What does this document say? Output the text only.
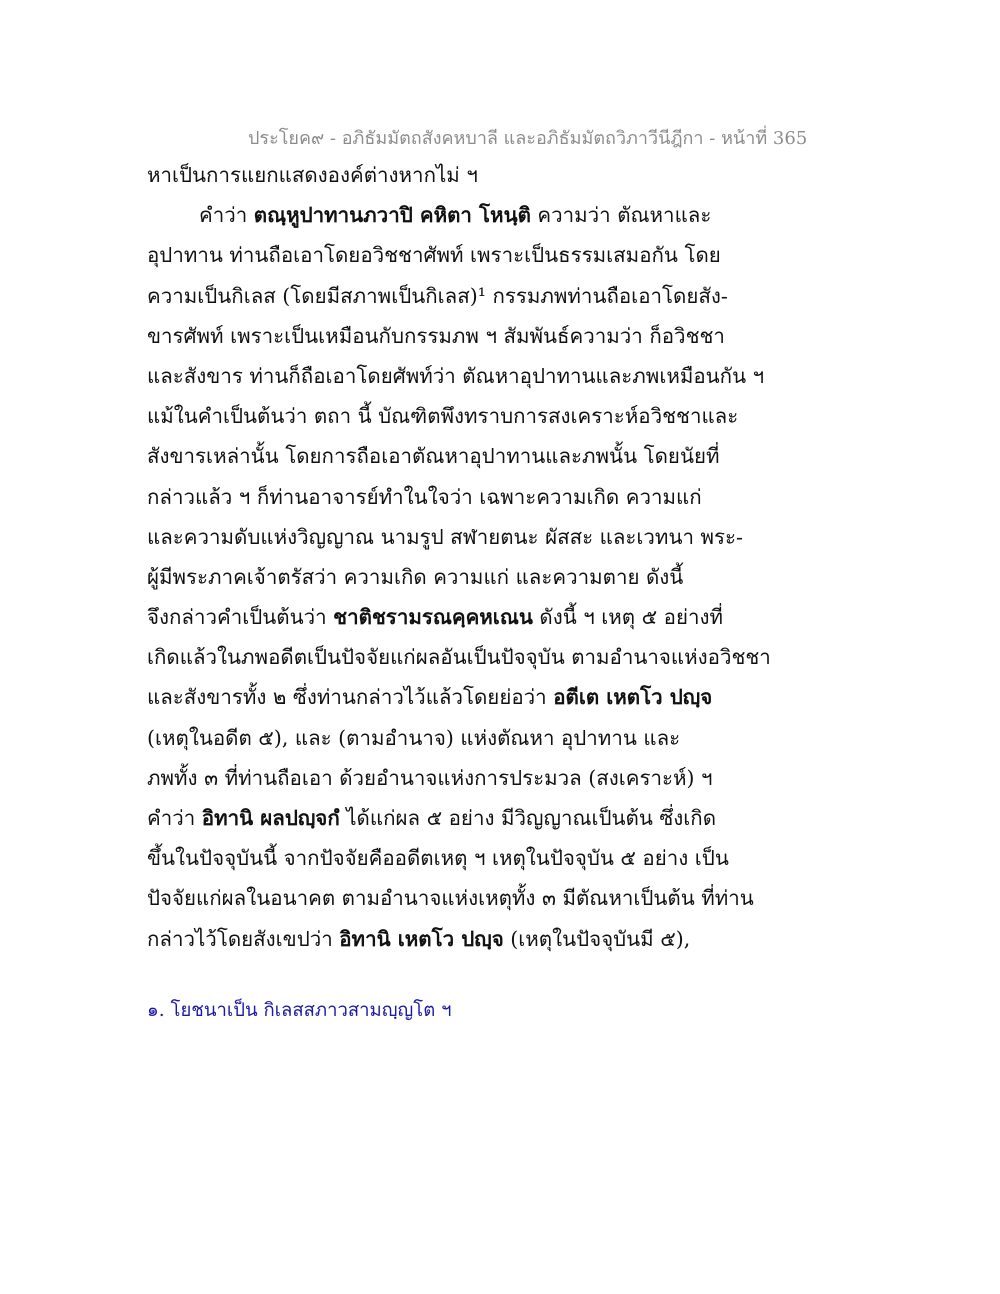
ประโยค๙ - อภิธัมมัตถสังคหบาลี และอภิธัมมัตถวิภาวีนีฎีกา - หน้าที่ 365
หาเป็นการแยกแสดงองค์ต่างหากไม่ ฯ
คำว่า ตณฺหูปาทานภวาปิ คหิตา โหนฺติ ความว่า ตัณหาและ
อุปาทาน ท่านถือเอาโดยอวิชชาศัพท์ เพราะเป็นธรรมเสมอกัน โดย
ความเป็นกิเลส (โดยมีสภาพเป็นกิเลส)¹ กรรมภพท่านถือเอาโดยสัง-
ขารศัพท์ เพราะเป็นเหมือนกับกรรมภพ ฯ สัมพันธ์ความว่า ก็อวิชชา
และสังขาร ท่านก็ถือเอาโดยศัพท์ว่า ตัณหาอุปาทานและภพเหมือนกัน ฯ
แม้ในคำเป็นต้นว่า ตถา นี้ บัณฑิตพึงทราบการสงเคราะห์อวิชชาและ
สังขารเหล่านั้น โดยการถือเอาตัณหาอุปาทานและภพนั้น โดยนัยที่
กล่าวแล้ว ฯ ก็ท่านอาจารย์ทำในใจว่า เฉพาะความเกิด ความแก่
และความดับแห่งวิญญาณ นามรูป สฬายตนะ ผัสสะ และเวทนา พระ-
ผู้มีพระภาคเจ้าตรัสว่า ความเกิด ความแก่ และความตาย ดังนี้
จึงกล่าวคำเป็นต้นว่า ชาติชรามรณคฺคหเณน ดังนี้ ฯ เหตุ ๕ อย่างที่
เกิดแล้วในภพอดีตเป็นปัจจัยแก่ผลอันเป็นปัจจุบัน ตามอำนาจแห่งอวิชชา
และสังขารทั้ง ๒ ซึ่งท่านกล่าวไว้แล้วโดยย่อว่า อตีเต เหตโว ปญฺจ
(เหตุในอดีต ๕), และ (ตามอำนาจ) แห่งตัณหา อุปาทาน และ
ภพทั้ง ๓ ที่ท่านถือเอา ด้วยอำนาจแห่งการประมวล (สงเคราะห์) ฯ
คำว่า อิทานิ ผลปญฺจกํ ได้แก่ผล ๕ อย่าง มีวิญญาณเป็นต้น ซึ่งเกิด
ขึ้นในปัจจุบันนี้ จากปัจจัยคืออดีตเหตุ ฯ เหตุในปัจจุบัน ๕ อย่าง เป็น
ปัจจัยแก่ผลในอนาคต ตามอำนาจแห่งเหตุทั้ง ๓ มีตัณหาเป็นต้น ที่ท่าน
กล่าวไว้โดยสังเขปว่า อิทานิ เหตโว ปญฺจ (เหตุในปัจจุบันมี ๕),
๑. โยชนาเป็น กิเลสสภาวสามญฺญโต ฯ
